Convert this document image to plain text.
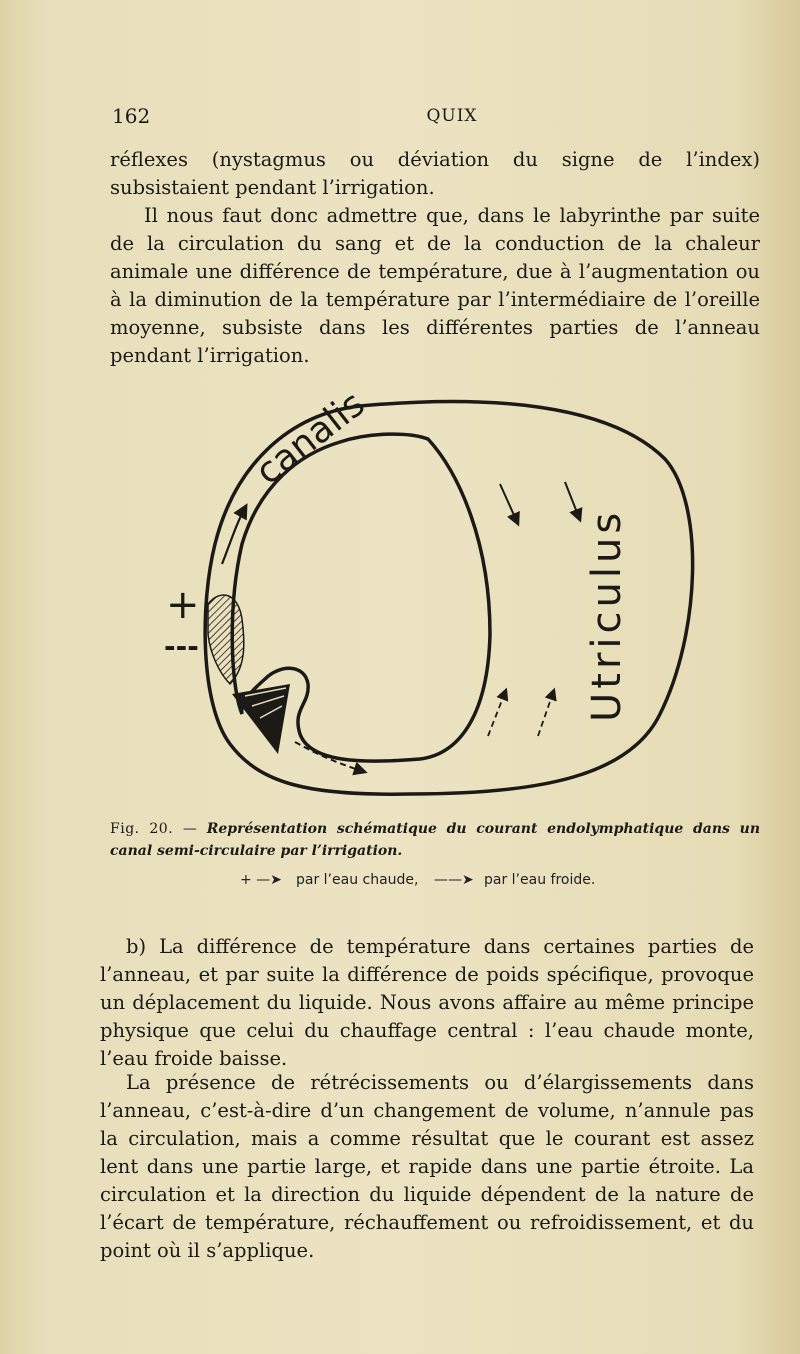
162	QUIX

réflexes (nystagmus ou déviation du signe de l’index) subsistaient pendant l’irrigation.

Il nous faut donc admettre que, dans le labyrinthe par suite de la circulation du sang et de la conduction de la chaleur animale une différence de température, due à l’augmentation ou à la diminution de la température par l’intermédiaire de l’oreille moyenne, subsiste dans les différentes parties de l’anneau pendant l’irrigation.

canalis
Utriculus
+
---

Fig. 20. — Représentation schématique du courant endolymphatique dans un canal semi-circulaire par l’irrigation.

+ —➤ par l’eau chaude, ——➤ par l’eau froide.

b) La différence de température dans certaines parties de l’anneau, et par suite la différence de poids spécifique, provoque un déplacement du liquide. Nous avons affaire au même principe physique que celui du chauffage central : l’eau chaude monte, l’eau froide baisse.

La présence de rétrécissements ou d’élargissements dans l’anneau, c’est-à-dire d’un changement de volume, n’annule pas la circulation, mais a comme résultat que le courant est assez lent dans une partie large, et rapide dans une partie étroite. La circulation et la direction du liquide dépendent de la nature de l’écart de température, réchauffement ou refroidissement, et du point où il s’applique.
